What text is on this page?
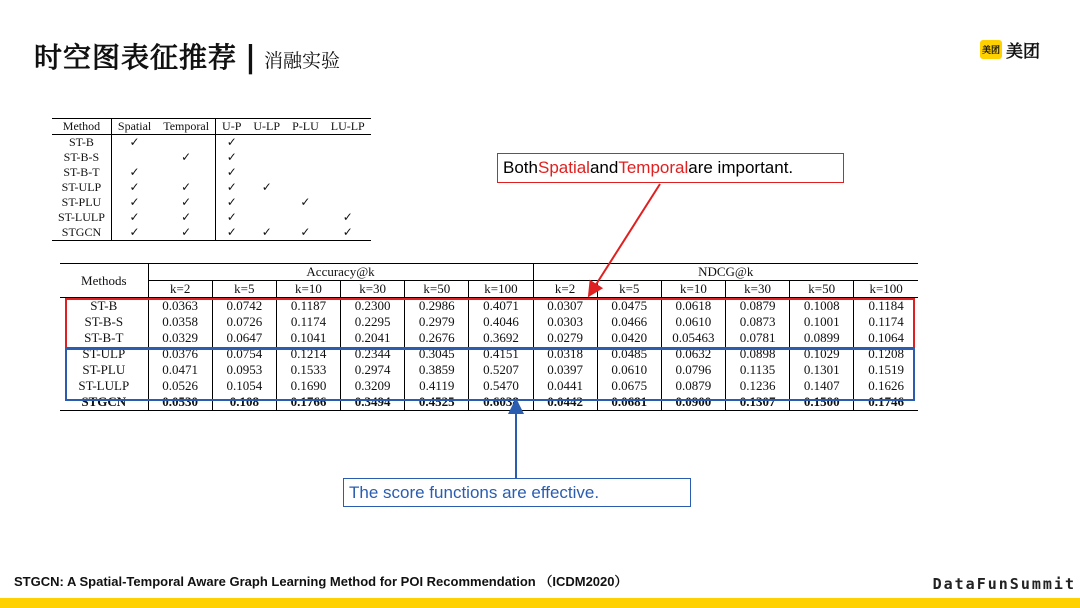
时空图表征推荐 | 消融实验	美团 美团
Method	Spatial	Temporal	U-P	U-LP	P-LU	LU-LP
ST-B	✓		✓			
ST-B-S		✓	✓			
ST-B-T	✓		✓			
ST-ULP	✓	✓	✓	✓		
ST-PLU	✓	✓	✓		✓	
ST-LULP	✓	✓	✓			✓
STGCN	✓	✓	✓	✓	✓	✓
Methods	Accuracy@k						NDCG@k					
	k=2	k=5	k=10	k=30	k=50	k=100	k=2	k=5	k=10	k=30	k=50	k=100
ST-B	0.0363	0.0742	0.1187	0.2300	0.2986	0.4071	0.0307	0.0475	0.0618	0.0879	0.1008	0.1184
ST-B-S	0.0358	0.0726	0.1174	0.2295	0.2979	0.4046	0.0303	0.0466	0.0610	0.0873	0.1001	0.1174
ST-B-T	0.0329	0.0647	0.1041	0.2041	0.2676	0.3692	0.0279	0.0420	0.05463	0.0781	0.0899	0.1064
ST-ULP	0.0376	0.0754	0.1214	0.2344	0.3045	0.4151	0.0318	0.0485	0.0632	0.0898	0.1029	0.1208
ST-PLU	0.0471	0.0953	0.1533	0.2974	0.3859	0.5207	0.0397	0.0610	0.0796	0.1135	0.1301	0.1519
ST-LULP	0.0526	0.1054	0.1690	0.3209	0.4119	0.5470	0.0441	0.0675	0.0879	0.1236	0.1407	0.1626
STGCN	0.0530	0.108	0.1766	0.3494	0.4525	0.6038	0.0442	0.0681	0.0900	0.1307	0.1500	0.1746
Both Spatial and Temporal are important.
The score functions are effective.
STGCN: A Spatial-Temporal Aware Graph Learning Method for POI Recommendation （ICDM2020）	DataFunSummit
